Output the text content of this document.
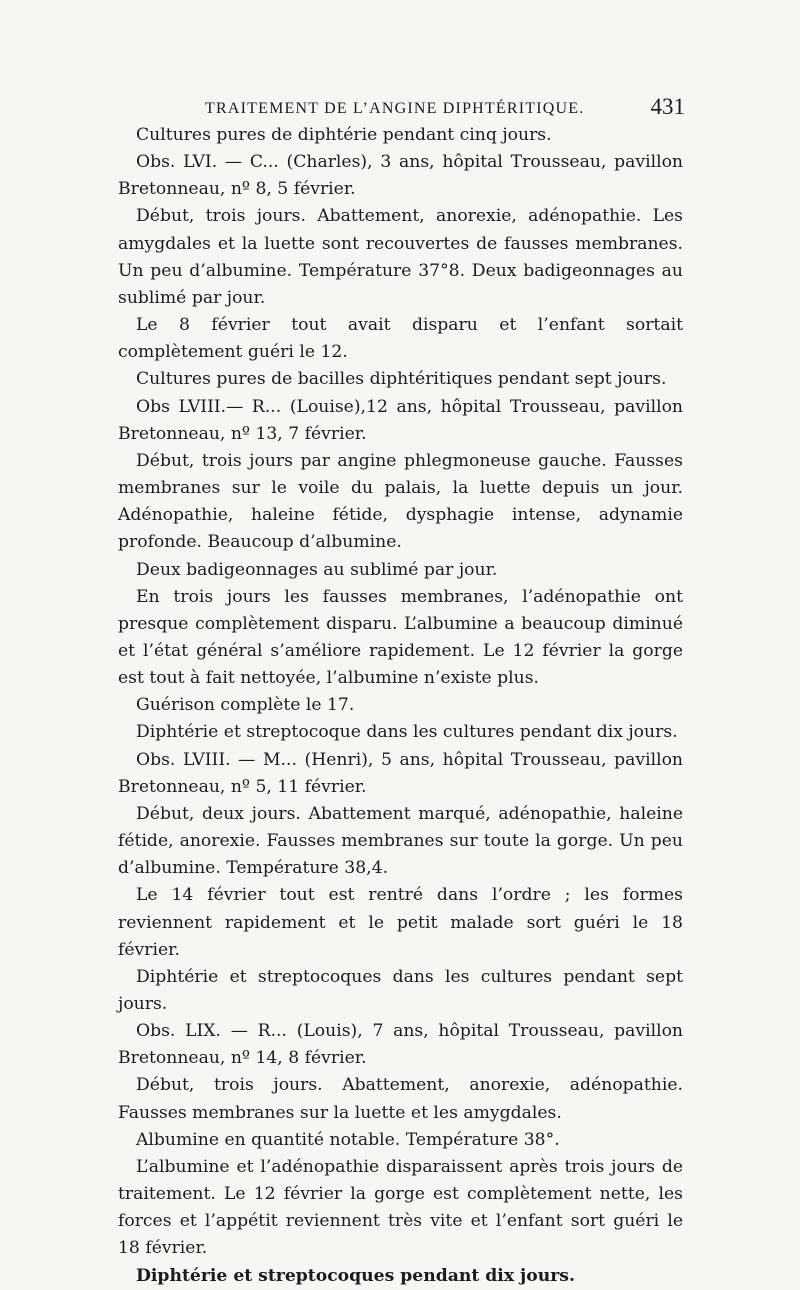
TRAITEMENT DE L’ANGINE DIPHTÉRITIQUE.	431

Cultures pures de diphtérie pendant cinq jours.

Obs. LVI. — C... (Charles), 3 ans, hôpital Trousseau, pavillon Bretonneau, nº 8, 5 février.

Début, trois jours. Abattement, anorexie, adénopathie. Les amygdales et la luette sont recouvertes de fausses membranes. Un peu d’albumine. Température 37°8. Deux badigeonnages au sublimé par jour.

Le 8 février tout avait disparu et l’enfant sortait complètement guéri le 12.

Cultures pures de bacilles diphtéritiques pendant sept jours.

Obs LVIII.— R... (Louise),12 ans, hôpital Trousseau, pavillon Bretonneau, nº 13, 7 février.

Début, trois jours par angine phlegmoneuse gauche. Fausses membranes sur le voile du palais, la luette depuis un jour. Adénopathie, haleine fétide, dysphagie intense, adynamie profonde. Beaucoup d’albumine.

Deux badigeonnages au sublimé par jour.

En trois jours les fausses membranes, l’adénopathie ont presque complètement disparu. L’albumine a beaucoup diminué et l’état général s’améliore rapidement. Le 12 février la gorge est tout à fait nettoyée, l’albumine n’existe plus.

Guérison complète le 17.

Diphtérie et streptocoque dans les cultures pendant dix jours.

Obs. LVIII. — M... (Henri), 5 ans, hôpital Trousseau, pavillon Bretonneau, nº 5, 11 février.

Début, deux jours. Abattement marqué, adénopathie, haleine fétide, anorexie. Fausses membranes sur toute la gorge. Un peu d’albumine. Température 38,4.

Le 14 février tout est rentré dans l’ordre ; les formes reviennent rapidement et le petit malade sort guéri le 18 février.

Diphtérie et streptocoques dans les cultures pendant sept jours.

Obs. LIX. — R... (Louis), 7 ans, hôpital Trousseau, pavillon Bretonneau, nº 14, 8 février.

Début, trois jours. Abattement, anorexie, adénopathie. Fausses membranes sur la luette et les amygdales.

Albumine en quantité notable. Température 38°.

L’albumine et l’adénopathie disparaissent après trois jours de traitement. Le 12 février la gorge est complètement nette, les forces et l’appétit reviennent très vite et l’enfant sort guéri le 18 février.

Diphtérie et streptocoques pendant dix jours.
